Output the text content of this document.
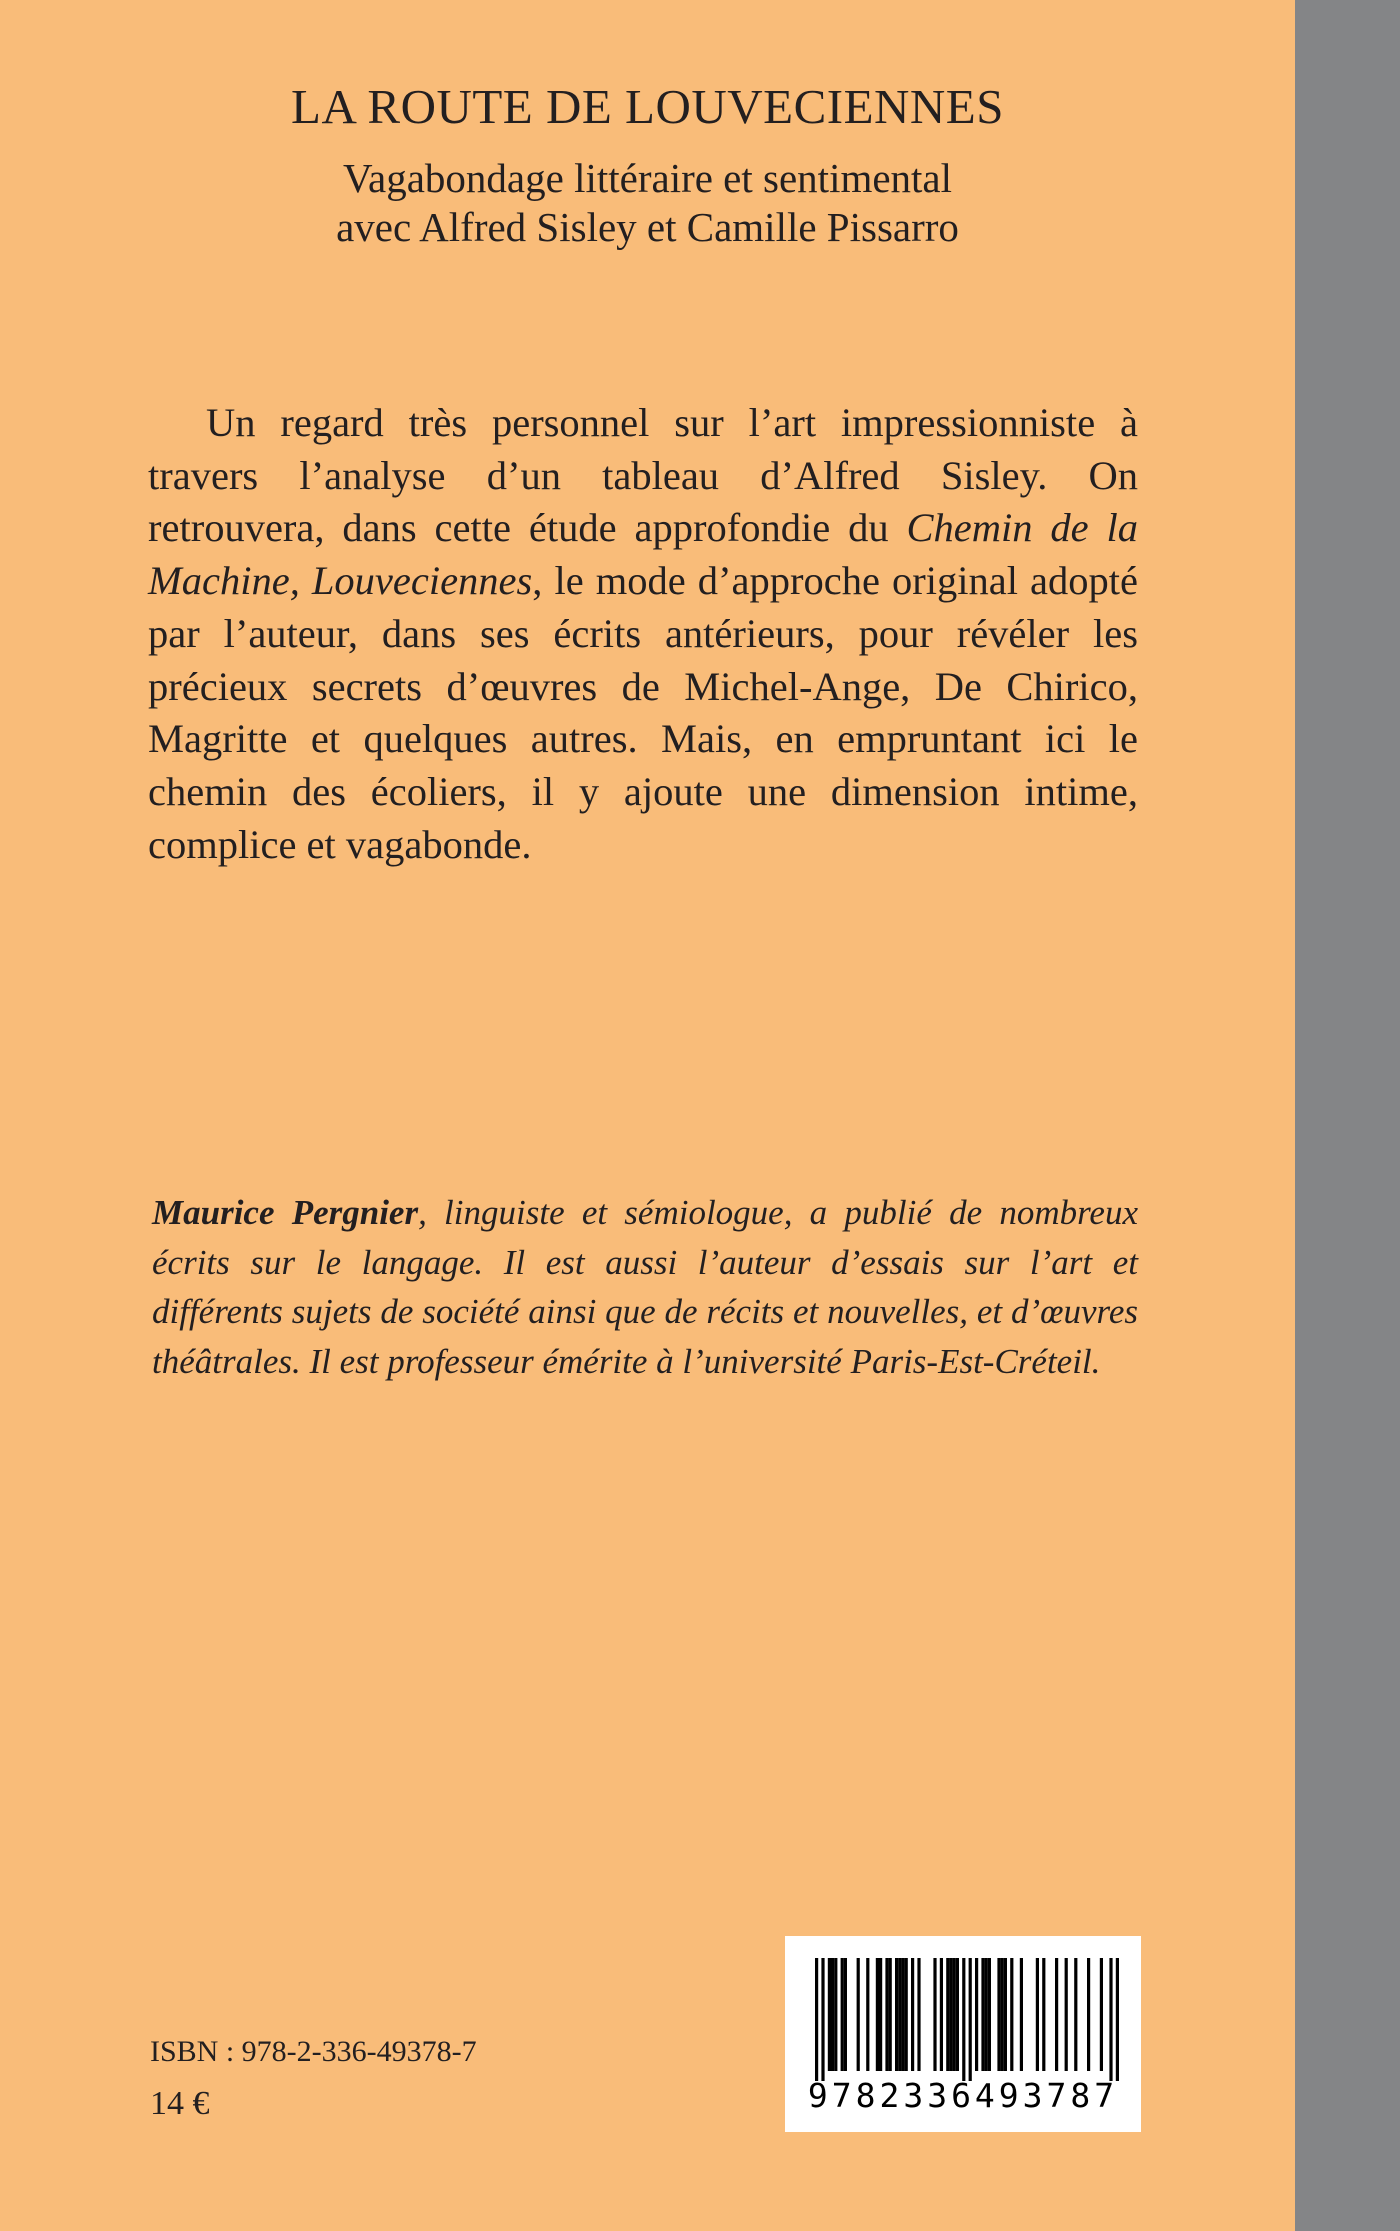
LA ROUTE DE LOUVECIENNES

Vagabondage littéraire et sentimental

avec Alfred Sisley et Camille Pissarro

Un regard très personnel sur l’art impressionniste à travers l’analyse d’un tableau d’Alfred Sisley. On retrouvera, dans cette étude approfondie du Chemin de la Machine, Louveciennes, le mode d’approche original adopté par l’auteur, dans ses écrits antérieurs, pour révéler les précieux secrets d’œuvres de Michel-Ange, De Chirico, Magritte et quelques autres. Mais, en empruntant ici le chemin des écoliers, il y ajoute une dimension intime, complice et vagabonde.

Maurice Pergnier, linguiste et sémiologue, a publié de nombreux écrits sur le langage. Il est aussi l’auteur d’essais sur l’art et différents sujets de société ainsi que de récits et nouvelles, et d’œuvres théâtrales. Il est professeur émérite à l’université Paris-Est-Créteil.

ISBN : 978-2-336-49378-7

14 €	9782336493787
